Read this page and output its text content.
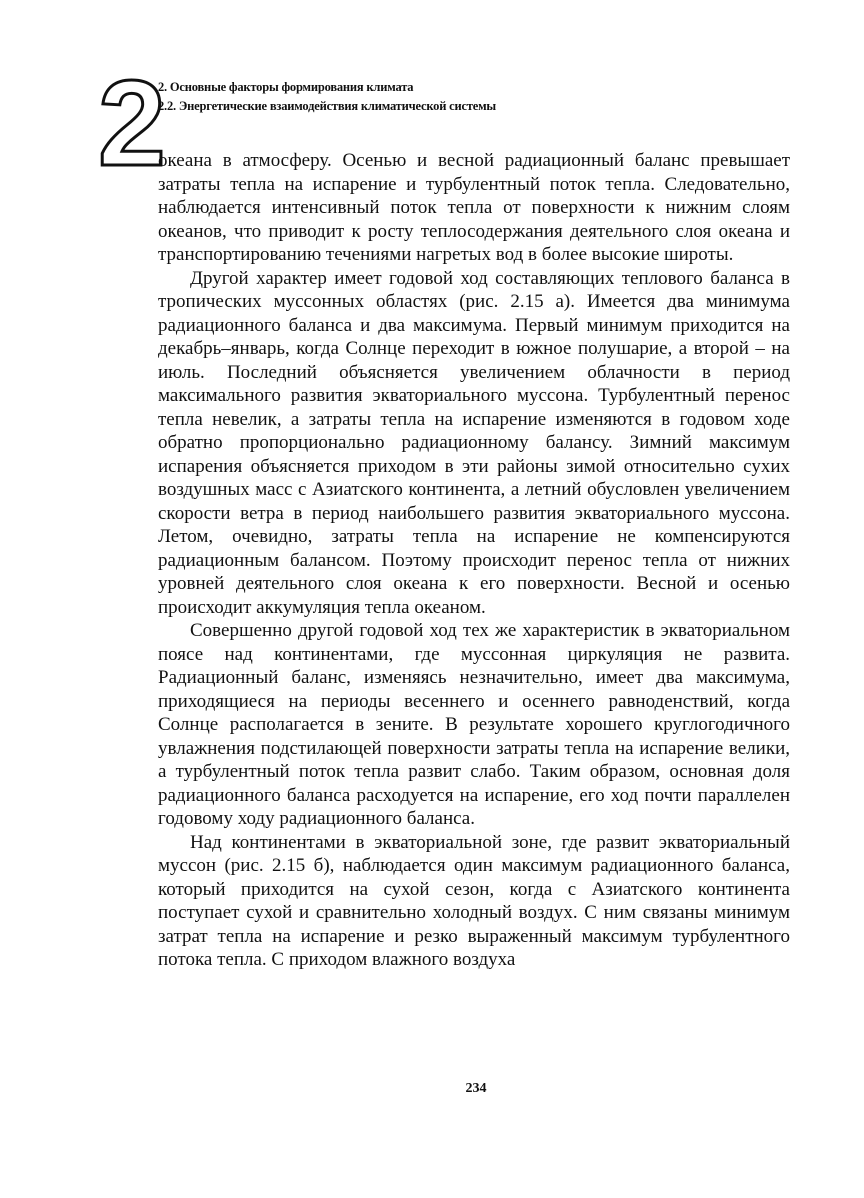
2
2. Основные факторы формирования климата
2.2. Энергетические взаимодействия климатической системы

океана в атмосферу. Осенью и весной радиационный баланс превышает затраты тепла на испарение и турбулентный поток тепла. Следовательно, наблюдается интенсивный поток тепла от поверхности к нижним слоям океанов, что приводит к росту теплосодержания деятельного слоя океана и транспортированию течениями нагретых вод в более высокие широты.

Другой характер имеет годовой ход составляющих теплового баланса в тропических муссонных областях (рис. 2.15 а). Имеется два минимума радиационного баланса и два максимума. Первый минимум приходится на декабрь–январь, когда Солнце переходит в южное полушарие, а второй – на июль. Последний объясняется увеличением облачности в период максимального развития экваториального муссона. Турбулентный перенос тепла невелик, а затраты тепла на испарение изменяются в годовом ходе обратно пропорционально радиационному балансу. Зимний максимум испарения объясняется приходом в эти районы зимой относительно сухих воздушных масс с Азиатского континента, а летний обусловлен увеличением скорости ветра в период наибольшего развития экваториального муссона. Летом, очевидно, затраты тепла на испарение не компенсируются радиационным балансом. Поэтому происходит перенос тепла от нижних уровней деятельного слоя океана к его поверхности. Весной и осенью происходит аккумуляция тепла океаном.

Совершенно другой годовой ход тех же характеристик в экваториальном поясе над континентами, где муссонная циркуляция не развита. Радиационный баланс, изменяясь незначительно, имеет два максимума, приходящиеся на периоды весеннего и осеннего равноденствий, когда Солнце располагается в зените. В результате хорошего круглогодичного увлажнения подстилающей поверхности затраты тепла на испарение велики, а турбулентный поток тепла развит слабо. Таким образом, основная доля радиационного баланса расходуется на испарение, его ход почти параллелен годовому ходу радиационного баланса.

Над континентами в экваториальной зоне, где развит экваториальный муссон (рис. 2.15 б), наблюдается один максимум радиационного баланса, который приходится на сухой сезон, когда с Азиатского континента поступает сухой и сравнительно холодный воздух. С ним связаны минимум затрат тепла на испарение и резко выраженный максимум турбулентного потока тепла. С приходом влажного воздуха

234
